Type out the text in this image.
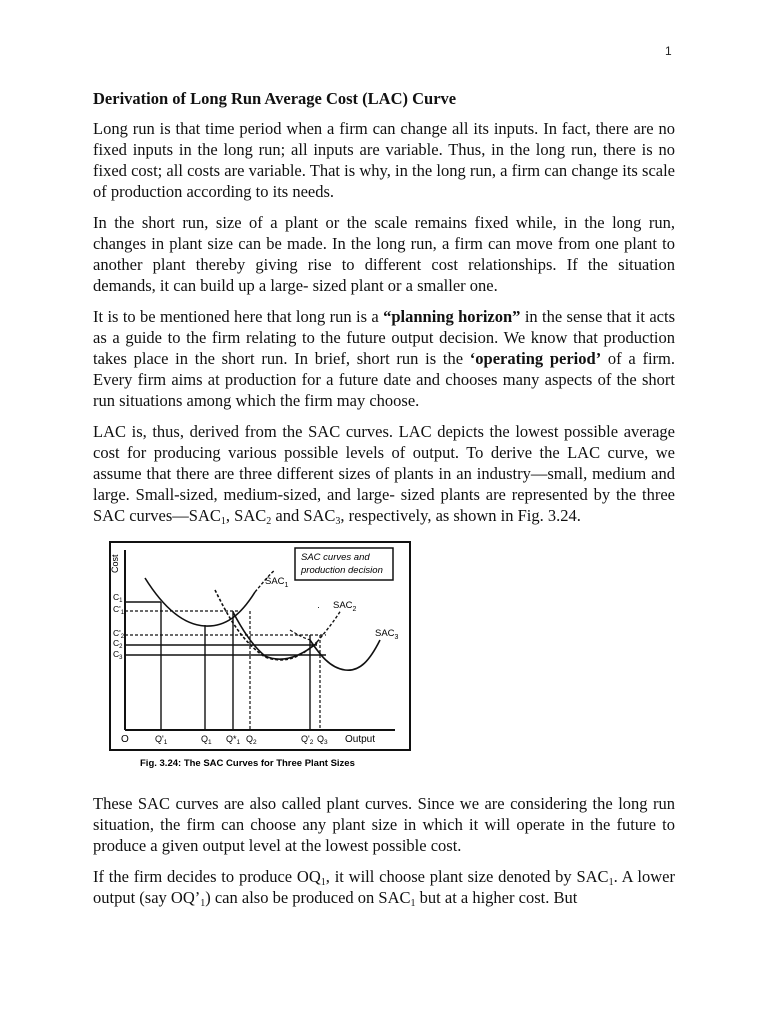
1
Derivation of Long Run Average Cost (LAC) Curve

Long run is that time period when a firm can change all its inputs. In fact, there are no fixed inputs in the long run; all inputs are variable. Thus, in the long run, there is no fixed cost; all costs are variable. That is why, in the long run, a firm can change its scale of production according to its needs.

In the short run, size of a plant or the scale remains fixed while, in the long run, changes in plant size can be made. In the long run, a firm can move from one plant to another plant thereby giving rise to different cost relationships. If the situation demands, it can build up a large- sized plant or a smaller one.

It is to be mentioned here that long run is a “planning horizon” in the sense that it acts as a guide to the firm relating to the future output decision. We know that production takes place in the short run. In brief, short run is the ‘operating period’ of a firm. Every firm aims at production for a future date and chooses many aspects of the short run situations among which the firm may choose.

LAC is, thus, derived from the SAC curves. LAC depicts the lowest possible average cost for producing various possible levels of output. To derive the LAC curve, we assume that there are three different sizes of plants in an industry—small, medium and large. Small-sized, medium-sized, and large- sized plants are represented by the three SAC $curves—SAC_1$, $SAC_2$ and $SAC_3$, respectively, as shown in Fig. 3.24.

SAC curves and
production decision
Cost
Output
O
$SAC_1$
$SAC_2$
$SAC_3$
·
$C_1$
$C'_1$
$C'_2$
$C_2$
$C_3$
$Q'_1$	$Q_1$ $Q*_1$ $Q_2$	$Q'_2$ $Q_3$
Fig. 3.24: The SAC Curves for Three Plant Sizes

These SAC curves are also called plant curves. Since we are considering the long run situation, the firm can choose any plant size in which it will operate in the future to produce a given output level at the lowest possible cost.

If the firm decides to produce $OQ_1$, it will choose plant size denoted by $SAC_1$. A lower output (say $OQ’_1$) can also be produced on $SAC_1$ but at a higher cost. But
